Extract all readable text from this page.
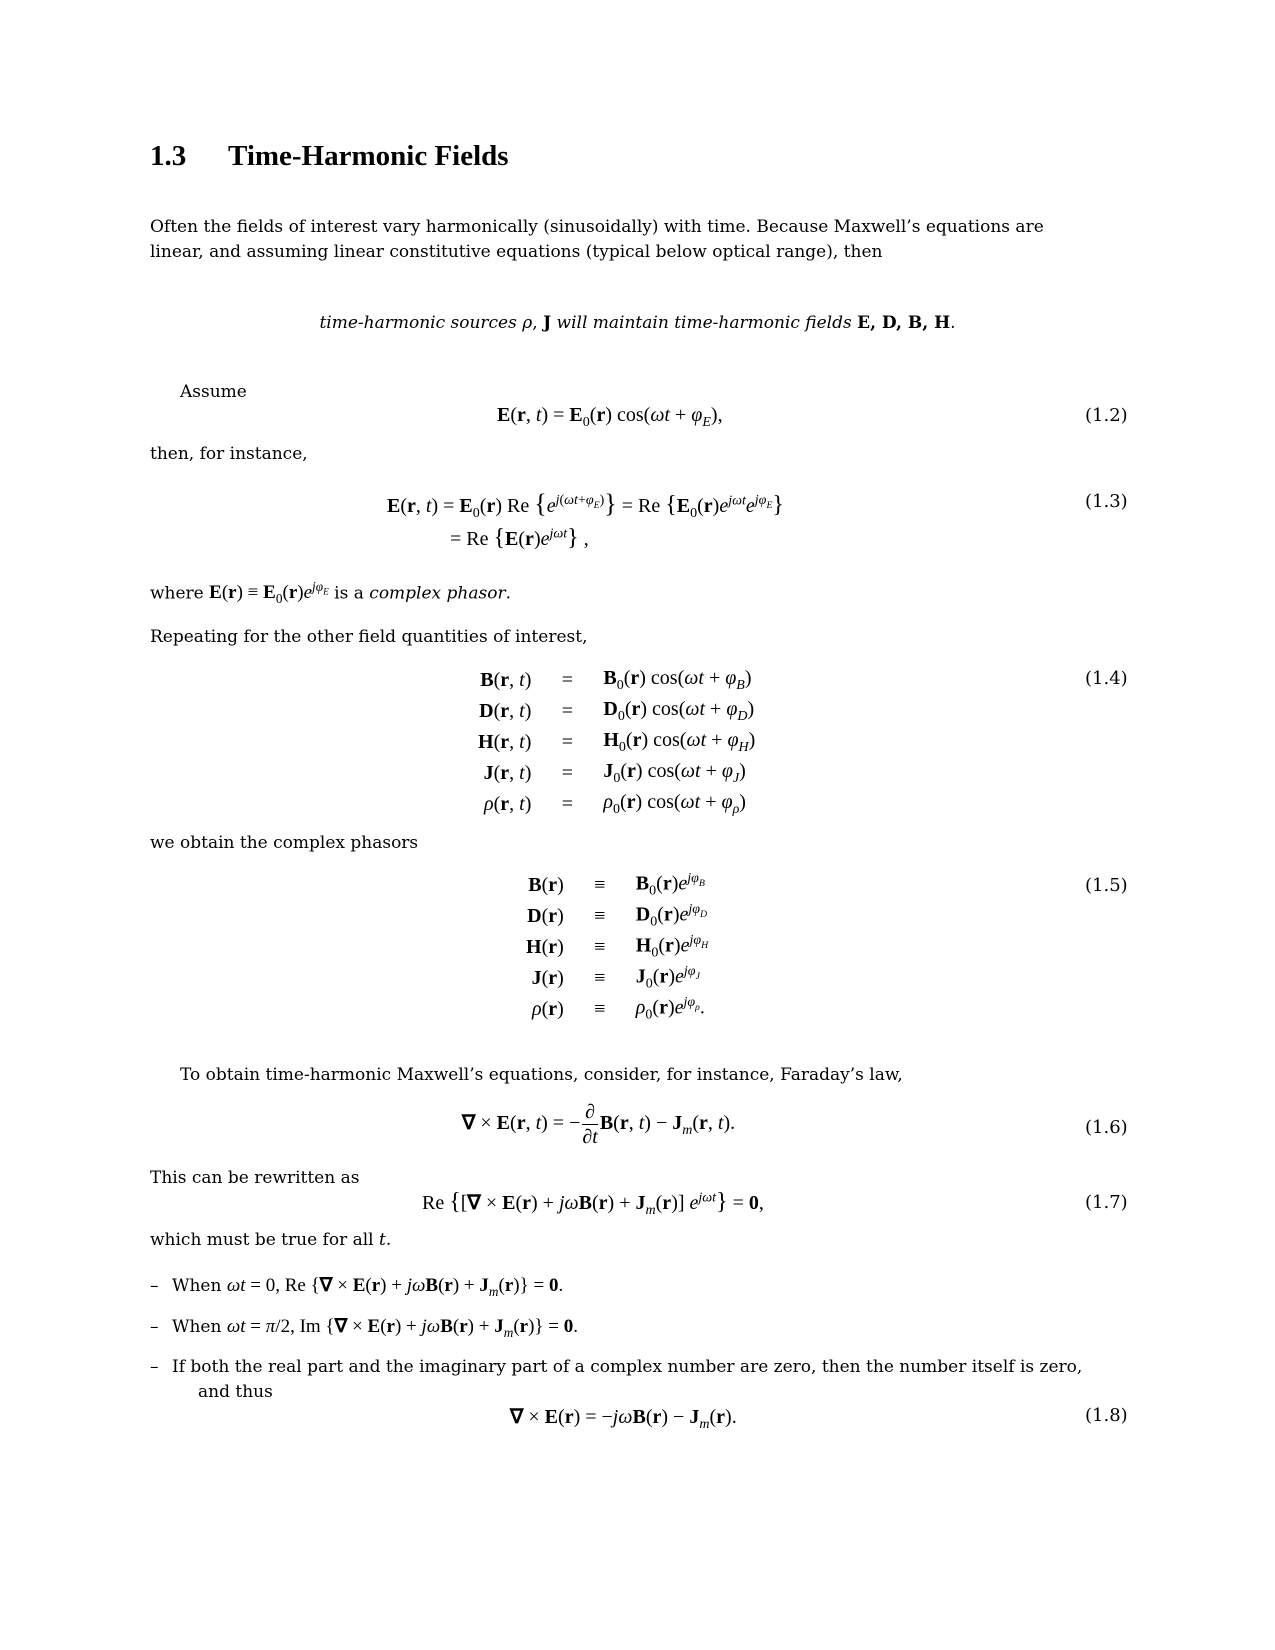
1.3 Time-Harmonic Fields
Often the fields of interest vary harmonically (sinusoidally) with time. Because Maxwell’s equations are
linear, and assuming linear constitutive equations (typical below optical range), then
time-harmonic sources ρ, J will maintain time-harmonic fields E, D, B, H.
Assume
E(r, $t) = E_0(r) \cos(\omega t + \varphi_E)$,	(1.2)
then, for instance,
E(r, $t) = E_0(r)$ Re $\{e^{j(\omega t+\varphi_E)}\} = Re$ $\{E_0(r)e^{j\omega t}e^{j\varphi_E}\}$	(1.3)
= Re $\{E(r)e^{j\omega t}\}$ ,
where $E(r) \equiv E_0(r)e^{j\varphi_E}$ is a complex phasor.
Repeating for the other field quantities of interest,
B(r, t)	=	$B_0(r) \cos(\omega t + \varphi_B)$
D(r, t)	=	$D_0(r) \cos(\omega t + \varphi_D)$
H(r, t)	=	$H_0(r) \cos(\omega t + \varphi_H)$
J(r, t)	=	$J_0(r) \cos(\omega t + \varphi_J)$
ρ(r, t)	=	$\rho_0(r) \cos(\omega t + \varphi_\rho)$
(1.4)
we obtain the complex phasors
B(r)	≡	$B_0(r)e^{j\varphi_B}$
D(r)	≡	$D_0(r)e^{j\varphi_D}$
H(r)	≡	$H_0(r)e^{j\varphi_H}$
J(r)	≡	$J_0(r)e^{j\varphi_J}$
ρ(r)	≡	$\rho_0(r)e^{j\varphi_\rho}$.
(1.5)
To obtain time-harmonic Maxwell’s equations, consider, for instance, Faraday’s law,
∇ × E(r, t) = − $\frac{\partial}{\partial t} B(r$, $t) - J_m(r$, t).	(1.6)
This can be rewritten as
Re {[∇ × $E(r) + j\omega B(r) + J_m(r)$] $e^{j\omega t}\} = 0$,	(1.7)
which must be true for all t.
– When ωt = 0, Re {∇ × $E(r) + j\omega B(r) + J_m(r)\} = 0$.
– When ωt = π/2, Im {∇ × $E(r) + j\omega B(r) + J_m(r)\} = 0$.
– If both the real part and the imaginary part of a complex number are zero, then the number itself is zero,
and thus
∇ × $E(r) = -j\omega B(r) - J_m(r)$.	(1.8)
